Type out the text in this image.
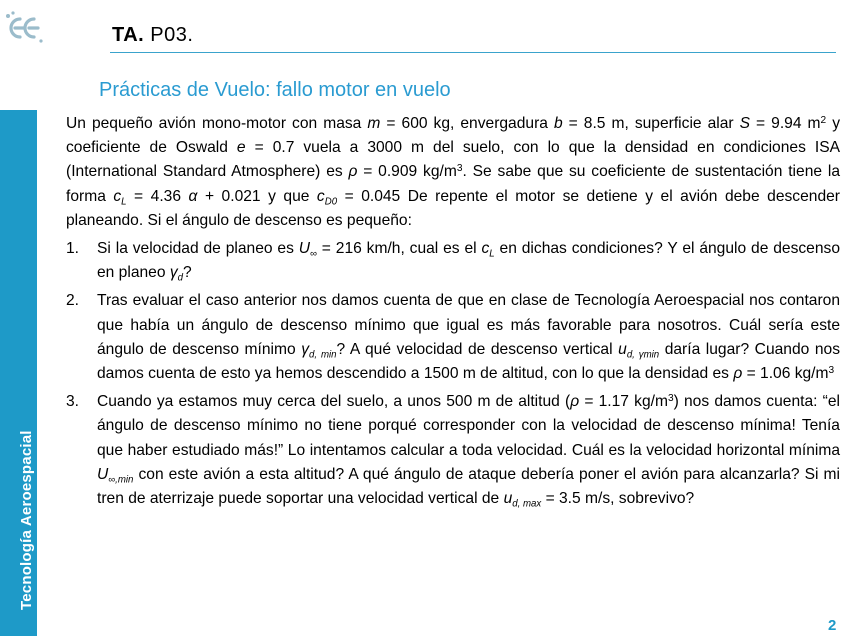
TA. P03.
Tecnología Aeroespacial
Prácticas de Vuelo: fallo motor en vuelo

Un pequeño avión mono-motor con masa m = 600 kg, envergadura b = 8.5 m, superficie alar S = 9.94 $m^2$ y coeficiente de Oswald e = 0.7 vuela a 3000 m del suelo, con lo que la densidad en condiciones ISA (International Standard Atmosphere) es ρ = 0.909 $kg/m^3$. Se sabe que su coeficiente de sustentación tiene la forma $c_L = 4.36$ α + 0.021 y que $c_{D0} = 0.045$ De repente el motor se detiene y el avión debe descender planeando. Si el ángulo de descenso es pequeño:

1. Si la velocidad de planeo es $U_\infty = 216$ km/h, cual es el $c_L$ en dichas condiciones? Y el ángulo de descenso en planeo $\gamma_d$?
2. Tras evaluar el caso anterior nos damos cuenta de que en clase de Tecnología Aeroespacial nos contaron que había un ángulo de descenso mínimo que igual es más favorable para nosotros. Cuál sería este ángulo de descenso mínimo $\gamma_{d, min}$? A qué velocidad de descenso vertical $u_{d, \gamma min}$ daría lugar? Cuando nos damos cuenta de esto ya hemos descendido a 1500 m de altitud, con lo que la densidad es ρ = 1.06 $kg/m^3$
3. Cuando ya estamos muy cerca del suelo, a unos 500 m de altitud (ρ = 1.17 $kg/m^3$) nos damos cuenta: “el ángulo de descenso mínimo no tiene porqué corresponder con la velocidad de descenso mínima! Tenía que haber estudiado más!” Lo intentamos calcular a toda velocidad. Cuál es la velocidad horizontal mínima $U_{\infty,min}$ con este avión a esta altitud? A qué ángulo de ataque debería poner el avión para alcanzarla? Si mi tren de aterrizaje puede soportar una velocidad vertical de $u_{d, max} = 3.5$ m/s, sobrevivo?
2
